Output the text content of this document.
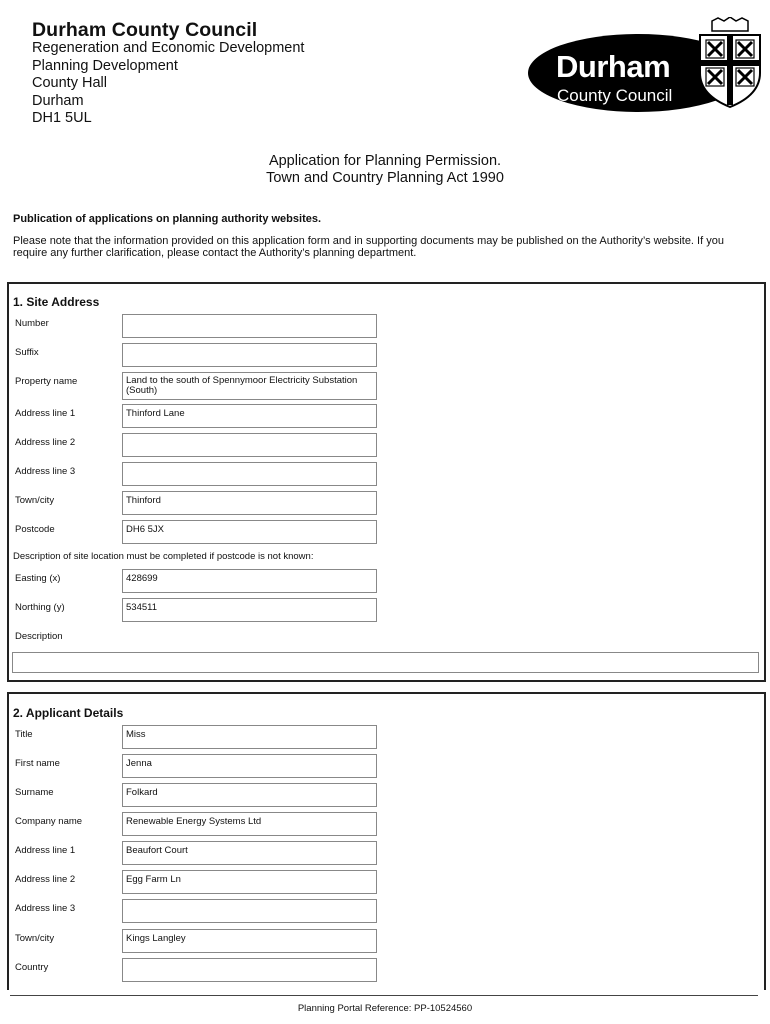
Durham County Council
Regeneration and Economic Development
Planning Development
County Hall
Durham
DH1 5UL
Durham
County Council
Application for Planning Permission.
Town and Country Planning Act 1990
Publication of applications on planning authority websites.
Please note that the information provided on this application form and in supporting documents may be published on the Authority’s website. If you require any further clarification, please contact the Authority’s planning department.
1. Site Address
Number
Suffix
Property name	Land to the south of Spennymoor Electricity Substation (South)
Address line 1	Thinford Lane
Address line 2
Address line 3
Town/city	Thinford
Postcode	DH6 5JX
Description of site location must be completed if postcode is not known:
Easting (x)	428699
Northing (y)	534511
Description
2. Applicant Details
Title	Miss
First name	Jenna
Surname	Folkard
Company name	Renewable Energy Systems Ltd
Address line 1	Beaufort Court
Address line 2	Egg Farm Ln
Address line 3
Town/city	Kings Langley
Country
Planning Portal Reference: PP-10524560
